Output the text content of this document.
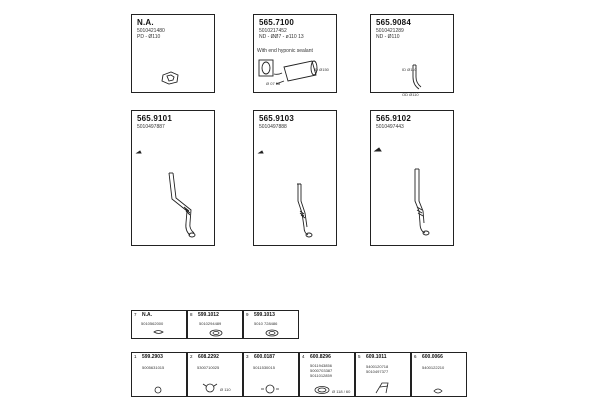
N.A.
5010421480
PD - Ø110
565.7100
5010217452
ND - ØØ7 - ø110 13
With end hyponic sealant
ID Ø150
Ø 07 58
565.9084
5010421289
ND - Ø110
ID Ø110
OD Ø110
565.9101
5010497887
565.9103
5010497888
565.9102
5010497443
7 N.A.
5010562000
8 599.1012
5010294489
9 599.1013
5010 728486
1 599.2903
5005631015
2 608.2292
5300710025
Ø 110
3 600.0187
5011530015
4 600.8296
5011943856
5000703387
5011012859
Ø 118 / 60
5 609.1011
5400120718
5010497377
6 600.0066
5400122210
